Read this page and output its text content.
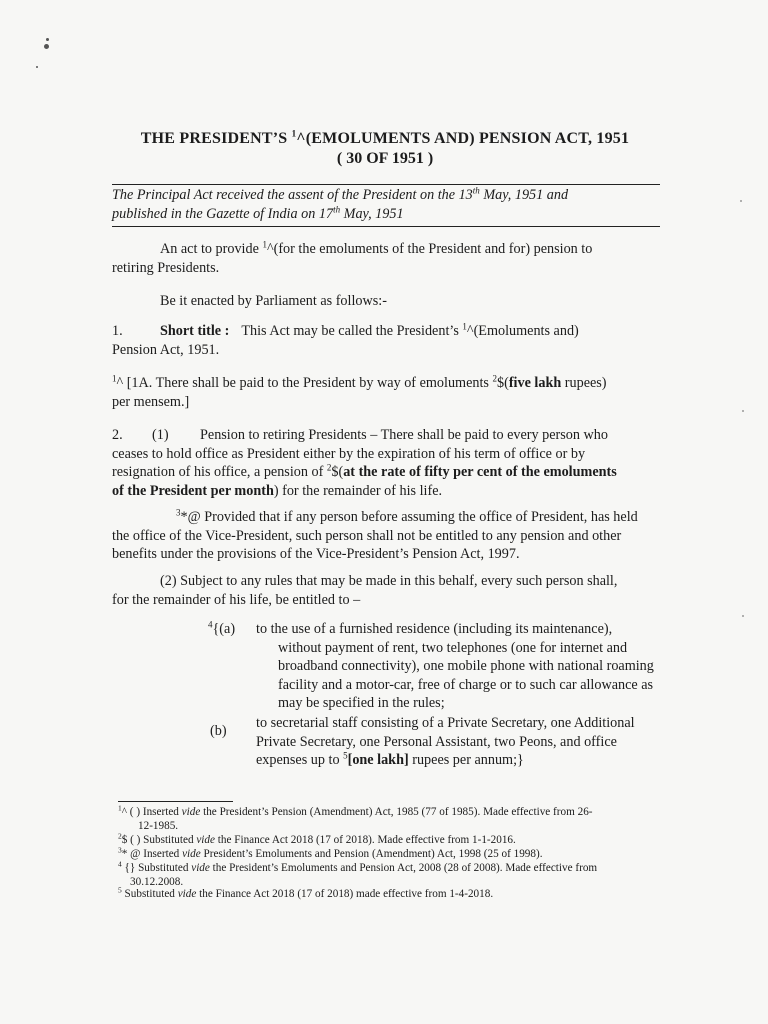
THE PRESIDENT’S $^1$^(EMOLUMENTS AND) PENSION ACT, 1951
( 30 OF 1951 )
The Principal Act received the assent of the President on the 13th May, 1951 and
published in the Gazette of India on 17th May, 1951
An act to provide $^1$^(for the emoluments of the President and for) pension to
retiring Presidents.
Be it enacted by Parliament as follows:-
1.	Short title : This Act may be called the President’s $^1$^(Emoluments and)
Pension Act, 1951.
$^1$^ [1A. There shall be paid to the President by way of emoluments $^2$\$(five lakh rupees)
per mensem.]
2.	(1)	Pension to retiring Presidents – There shall be paid to every person who
ceases to hold office as President either by the expiration of his term of office or by
resignation of his office, a pension of $^2$\$(at the rate of fifty per cent of the emoluments
of the President per month) for the remainder of his life.
$^3$*@ Provided that if any person before assuming the office of President, has held
the office of the Vice-President, such person shall not be entitled to any pension and other
benefits under the provisions of the Vice-President’s Pension Act, 1997.
(2) Subject to any rules that may be made in this behalf, every such person shall,
for the remainder of his life, be entitled to –
$^4${(a)	to the use of a furnished residence (including its maintenance),
without payment of rent, two telephones (one for internet and
broadband connectivity), one mobile phone with national roaming
facility and a motor-car, free of charge or to such car allowance as
may be specified in the rules;
(b)	to secretarial staff consisting of a Private Secretary, one Additional
Private Secretary, one Personal Assistant, two Peons, and office
expenses up to $^5$[one lakh] rupees per annum;}
$^1$^ ( ) Inserted vide the President’s Pension (Amendment) Act, 1985 (77 of 1985). Made effective from 26-
12-1985.
$^2$\$ ( ) Substituted vide the Finance Act 2018 (17 of 2018). Made effective from 1-1-2016.
$^3$* @ Inserted vide President’s Emoluments and Pension (Amendment) Act, 1998 (25 of 1998).
$^4$ {} Substituted vide the President’s Emoluments and Pension Act, 2008 (28 of 2008). Made effective from
30.12.2008.
$^5$ Substituted vide the Finance Act 2018 (17 of 2018) made effective from 1-4-2018.
